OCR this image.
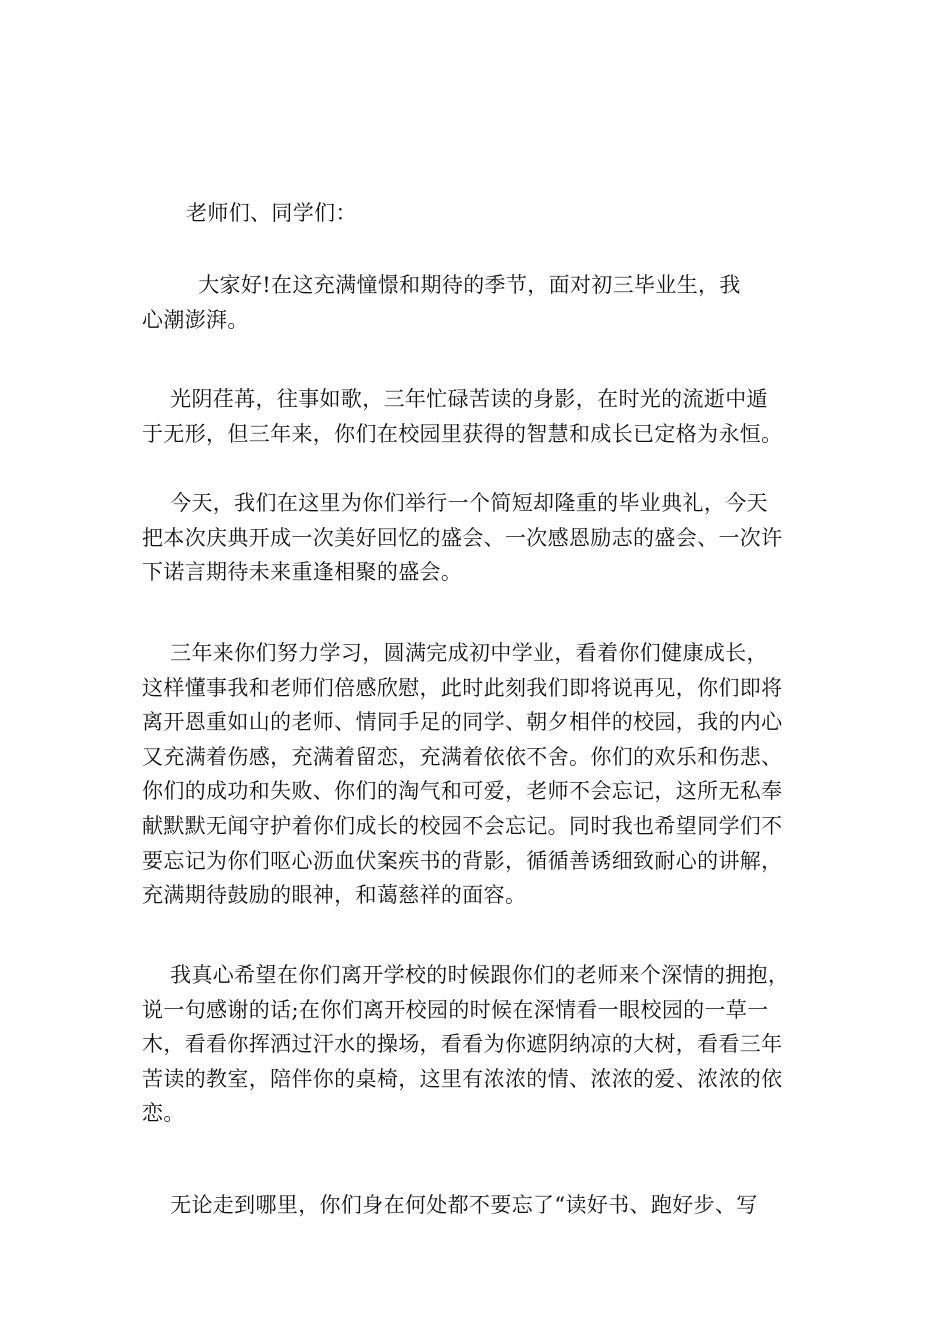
老师们、同学们：

大家好!在这充满憧憬和期待的季节，面对初三毕业生，我
心潮澎湃。

光阴荏苒，往事如歌，三年忙碌苦读的身影，在时光的流逝中遁
于无形，但三年来，你们在校园里获得的智慧和成长已定格为永恒。

今天，我们在这里为你们举行一个简短却隆重的毕业典礼，今天
把本次庆典开成一次美好回忆的盛会、一次感恩励志的盛会、一次许
下诺言期待未来重逢相聚的盛会。

三年来你们努力学习，圆满完成初中学业，看着你们健康成长，
这样懂事我和老师们倍感欣慰，此时此刻我们即将说再见，你们即将
离开恩重如山的老师、情同手足的同学、朝夕相伴的校园，我的内心
又充满着伤感，充满着留恋，充满着依依不舍。你们的欢乐和伤悲、
你们的成功和失败、你们的淘气和可爱，老师不会忘记，这所无私奉
献默默无闻守护着你们成长的校园不会忘记。同时我也希望同学们不
要忘记为你们呕心沥血伏案疾书的背影，循循善诱细致耐心的讲解，
充满期待鼓励的眼神，和蔼慈祥的面容。

我真心希望在你们离开学校的时候跟你们的老师来个深情的拥抱，
说一句感谢的话;在你们离开校园的时候在深情看一眼校园的一草一
木，看看你挥洒过汗水的操场，看看为你遮阴纳凉的大树，看看三年
苦读的教室，陪伴你的桌椅，这里有浓浓的情、浓浓的爱、浓浓的依
恋。

无论走到哪里，你们身在何处都不要忘了“读好书、跑好步、写
